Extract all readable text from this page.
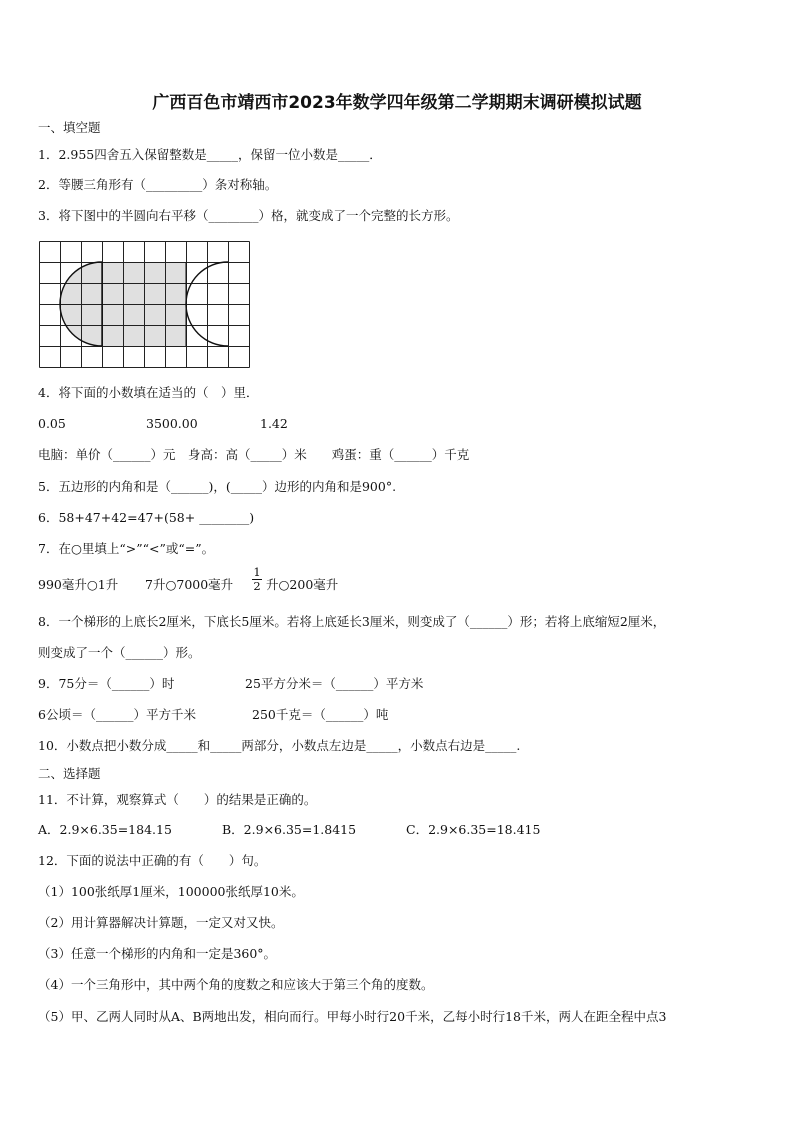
广西百色市靖西市2023年数学四年级第二学期期末调研模拟试题
一、填空题
1．2.955四舍五入保留整数是_____，保留一位小数是_____．
2．等腰三角形有（_________）条对称轴。
3．将下图中的半圆向右平移（________）格，就变成了一个完整的长方形。
4．将下面的小数填在适当的（　）里．
0.05	3500.00	1.42
电脑：单价（______）元　身高：高（_____）米　　鸡蛋：重（______）千克
5．五边形的内角和是（______)，(_____）边形的内角和是900°.
6．58+47+42=47+(58+ ________)
7．在○里填上“>”“<”或“=”。
990毫升○1升 7升○7000毫升
1
2 升○200毫升
8．一个梯形的上底长2厘米，下底长5厘米。若将上底延长3厘米，则变成了（______）形；若将上底缩短2厘米，
则变成了一个（______）形。
9．75分＝（______）时	25平方分米＝（______）平方米
6公顷＝（______）平方千米	250千克＝（______）吨
10．小数点把小数分成_____和_____两部分，小数点左边是_____，小数点右边是_____.
二、选择题
11．不计算，观察算式（　　）的结果是正确的。
A．2.9×6.35=184.15	B．2.9×6.35=1.8415	C．2.9×6.35=18.415
12．下面的说法中正确的有（　　）句。
（1）100张纸厚1厘米，100000张纸厚10米。
（2）用计算器解决计算题，一定又对又快。
（3）任意一个梯形的内角和一定是360°。
（4）一个三角形中，其中两个角的度数之和应该大于第三个角的度数。
（5）甲、乙两人同时从A、B两地出发，相向而行。甲每小时行20千米，乙每小时行18千米，两人在距全程中点3
